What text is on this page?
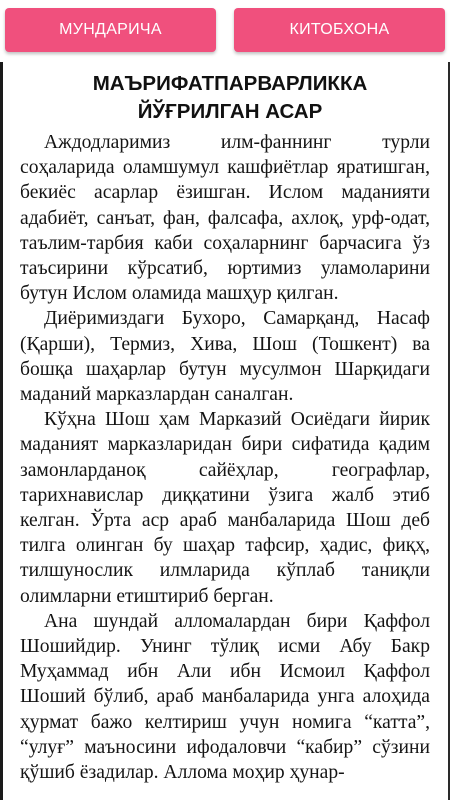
МУНДАРИЧА	КИТОБХОНА
МАЪРИФАТПАРВАРЛИККА
ЙЎҒРИЛГАН АСАР

Аждодларимиз илм-фаннинг турли соҳаларида оламшумул кашфиётлар яратишган, бекиёс асарлар ёзишган. Ислом маданияти адабиёт, санъат, фан, фалсафа, ахлоқ, урф-одат, таълим-тарбия каби соҳаларнинг барчасига ўз таъсирини кўрсатиб, юртимиз уламоларини бутун Ислом оламида машҳур қилган.

Диёримиздаги Бухоро, Самарқанд, Насаф (Қарши), Термиз, Хива, Шош (Тошкент) ва бошқа шаҳарлар бутун мусулмон Шарқидаги маданий марказлардан саналган.

Кўҳна Шош ҳам Марказий Осиёдаги йирик маданият марказларидан бири сифатида қадим замонларданоқ сайёҳлар, географлар, тарихнавислар диққатини ўзига жалб этиб келган. Ўрта аср араб манбаларида Шош деб тилга олинган бу шаҳар тафсир, ҳадис, фиқҳ, тилшунослик илмларида кўплаб таниқли олимларни етиштириб берган.

Ана шундай алломалардан бири Қаффол Шошийдир. Унинг тўлиқ исми Абу Бакр Муҳаммад ибн Али ибн Исмоил Қаффол Шоший бўлиб, араб манбаларида унга алоҳида ҳурмат бажо келтириш учун номига “катта”, “улуғ” маъносини ифодаловчи “кабир” сўзини қўшиб ёзадилар. Аллома моҳир ҳунар-
